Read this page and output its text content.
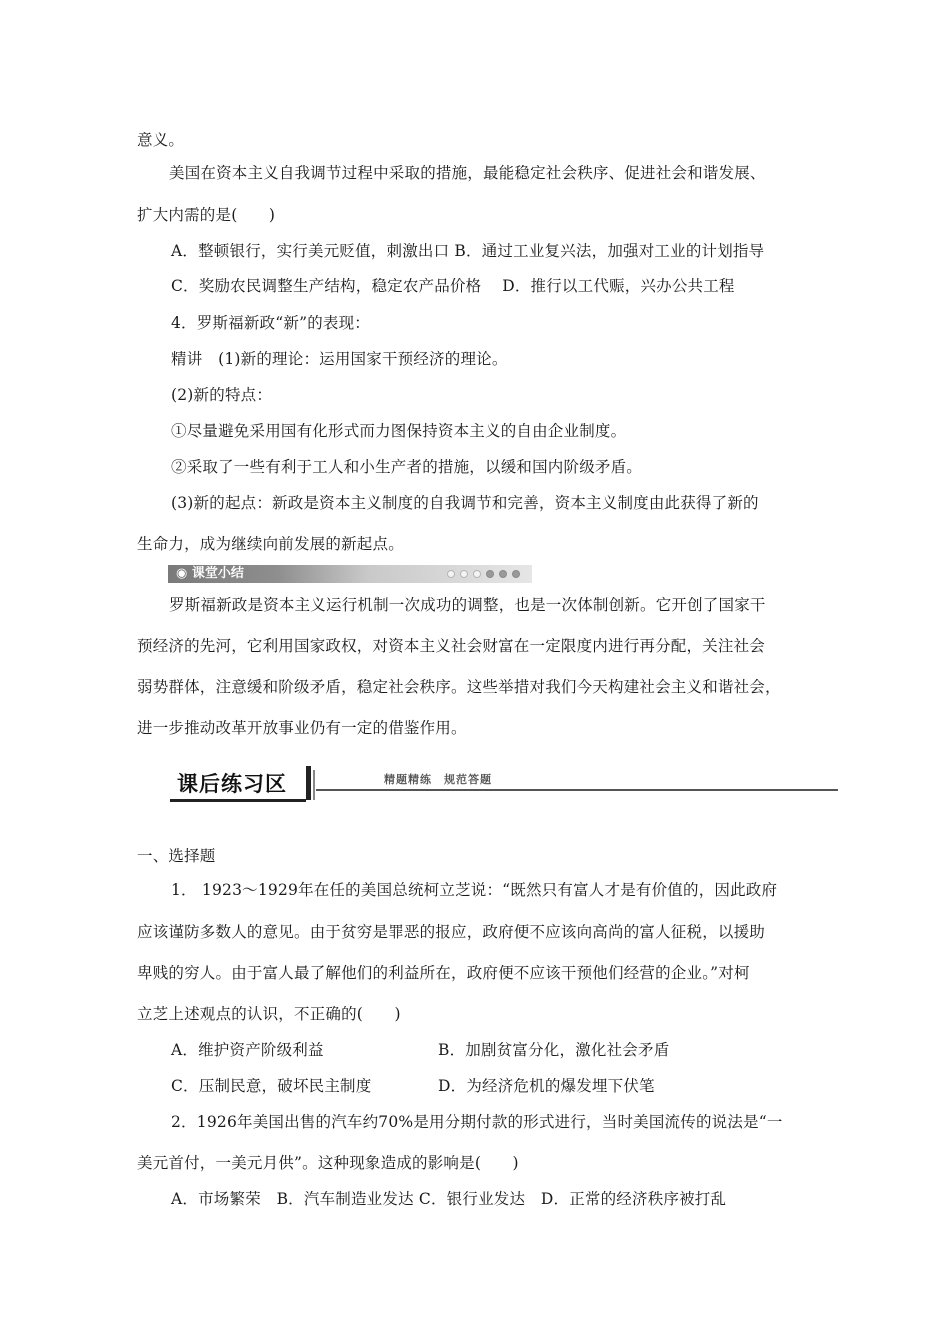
意义。
美国在资本主义自我调节过程中采取的措施，最能稳定社会秩序、促进社会和谐发展、
扩大内需的是(　　)
A．整顿银行，实行美元贬值，刺激出口 B．通过工业复兴法，加强对工业的计划指导
C．奖励农民调整生产结构，稳定农产品价格　 D．推行以工代赈，兴办公共工程
4．罗斯福新政“新”的表现：
精讲　(1)新的理论：运用国家干预经济的理论。
(2)新的特点：
①尽量避免采用国有化形式而力图保持资本主义的自由企业制度。
②采取了一些有利于工人和小生产者的措施，以缓和国内阶级矛盾。
(3)新的起点：新政是资本主义制度的自我调节和完善，资本主义制度由此获得了新的
生命力，成为继续向前发展的新起点。
◉ 课堂小结
罗斯福新政是资本主义运行机制一次成功的调整，也是一次体制创新。它开创了国家干
预经济的先河，它利用国家政权，对资本主义社会财富在一定限度内进行再分配，关注社会
弱势群体，注意缓和阶级矛盾，稳定社会秩序。这些举措对我们今天构建社会主义和谐社会，
进一步推动改革开放事业仍有一定的借鉴作用。
课后练习区	精题精练　规范答题
一、选择题
1． 1923～1929年在任的美国总统柯立芝说：“既然只有富人才是有价值的，因此政府
应该谨防多数人的意见。由于贫穷是罪恶的报应，政府便不应该向高尚的富人征税，以援助
卑贱的穷人。由于富人最了解他们的利益所在，政府便不应该干预他们经营的企业。”对柯
立芝上述观点的认识，不正确的(　　)
A．维护资产阶级利益	B．加剧贫富分化，激化社会矛盾
C．压制民意，破坏民主制度	D．为经济危机的爆发埋下伏笔
2．1926年美国出售的汽车约70%是用分期付款的形式进行，当时美国流传的说法是“一
美元首付，一美元月供”。这种现象造成的影响是(　　)
A．市场繁荣　B．汽车制造业发达 C．银行业发达　D．正常的经济秩序被打乱
